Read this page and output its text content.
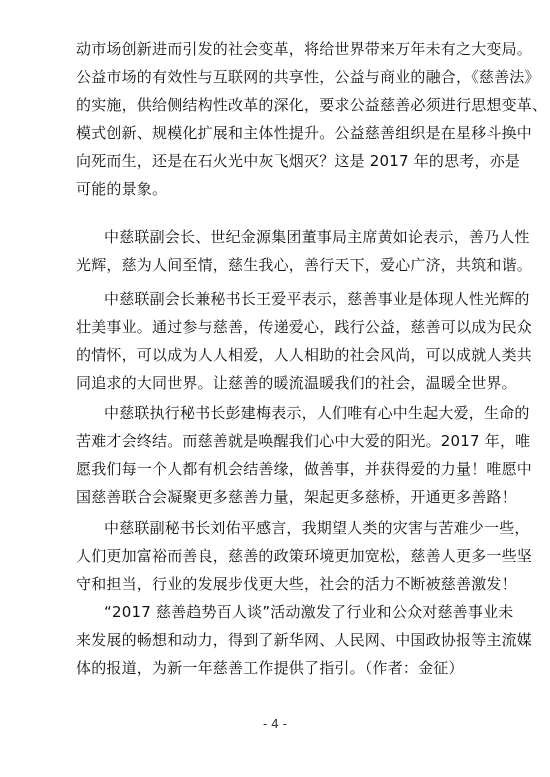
动市场创新进而引发的社会变革，将给世界带来万年未有之大变局。
公益市场的有效性与互联网的共享性，公益与商业的融合，《慈善法》
的实施，供给侧结构性改革的深化，要求公益慈善必须进行思想变革、
模式创新、规模化扩展和主体性提升。公益慈善组织是在星移斗换中
向死而生，还是在石火光中灰飞烟灭？这是 2017 年的思考，亦是
可能的景象。
中慈联副会长、世纪金源集团董事局主席黄如论表示，善乃人性
光辉，慈为人间至情，慈生我心，善行天下，爱心广济，共筑和谐。
中慈联副会长兼秘书长王爱平表示，慈善事业是体现人性光辉的
壮美事业。通过参与慈善，传递爱心，践行公益，慈善可以成为民众
的情怀，可以成为人人相爱，人人相助的社会风尚，可以成就人类共
同追求的大同世界。让慈善的暖流温暖我们的社会，温暖全世界。
中慈联执行秘书长彭建梅表示，人们唯有心中生起大爱，生命的
苦难才会终结。而慈善就是唤醒我们心中大爱的阳光。2017 年，唯
愿我们每一个人都有机会结善缘，做善事，并获得爱的力量！唯愿中
国慈善联合会凝聚更多慈善力量，架起更多慈桥，开通更多善路！
中慈联副秘书长刘佑平感言，我期望人类的灾害与苦难少一些，
人们更加富裕而善良，慈善的政策环境更加宽松，慈善人更多一些坚
守和担当，行业的发展步伐更大些，社会的活力不断被慈善激发！
“2017 慈善趋势百人谈”活动激发了行业和公众对慈善事业未
来发展的畅想和动力，得到了新华网、人民网、中国政协报等主流媒
体的报道，为新一年慈善工作提供了指引。（作者：金征）
- 4 -
